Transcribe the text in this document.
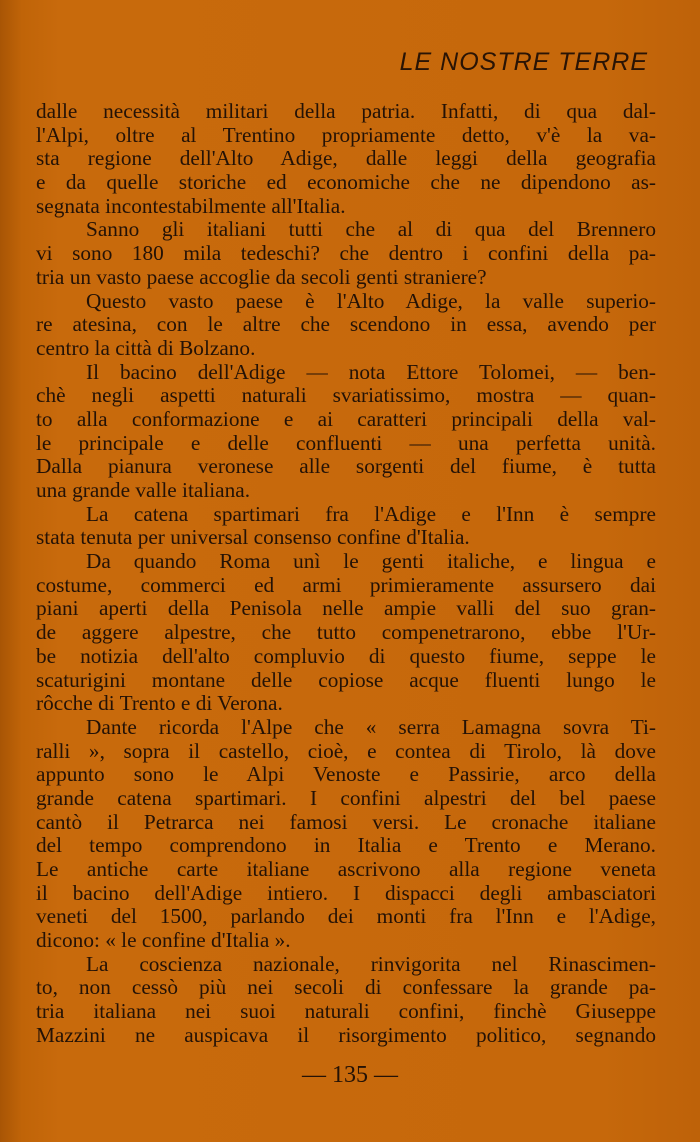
LE NOSTRE TERRE
dalle necessità militari della patria. Infatti, di qua dal-
l'Alpi, oltre al Trentino propriamente detto, v'è la va-
sta regione dell'Alto Adige, dalle leggi della geografia
e da quelle storiche ed economiche che ne dipendono as-
segnata incontestabilmente all'Italia.
Sanno gli italiani tutti che al di qua del Brennero
vi sono 180 mila tedeschi? che dentro i confini della pa-
tria un vasto paese accoglie da secoli genti straniere?
Questo vasto paese è l'Alto Adige, la valle superio-
re atesina, con le altre che scendono in essa, avendo per
centro la città di Bolzano.
Il bacino dell'Adige — nota Ettore Tolomei, — ben-
chè negli aspetti naturali svariatissimo, mostra — quan-
to alla conformazione e ai caratteri principali della val-
le principale e delle confluenti — una perfetta unità.
Dalla pianura veronese alle sorgenti del fiume, è tutta
una grande valle italiana.
La catena spartimari fra l'Adige e l'Inn è sempre
stata tenuta per universal consenso confine d'Italia.
Da quando Roma unì le genti italiche, e lingua e
costume, commerci ed armi primieramente assursero dai
piani aperti della Penisola nelle ampie valli del suo gran-
de aggere alpestre, che tutto compenetrarono, ebbe l'Ur-
be notizia dell'alto compluvio di questo fiume, seppe le
scaturigini montane delle copiose acque fluenti lungo le
rôcche di Trento e di Verona.
Dante ricorda l'Alpe che « serra Lamagna sovra Ti-
ralli », sopra il castello, cioè, e contea di Tirolo, là dove
appunto sono le Alpi Venoste e Passirie, arco della
grande catena spartimari. I confini alpestri del bel paese
cantò il Petrarca nei famosi versi. Le cronache italiane
del tempo comprendono in Italia e Trento e Merano.
Le antiche carte italiane ascrivono alla regione veneta
il bacino dell'Adige intiero. I dispacci degli ambasciatori
veneti del 1500, parlando dei monti fra l'Inn e l'Adige,
dicono: « le confine d'Italia ».
La coscienza nazionale, rinvigorita nel Rinascimen-
to, non cessò più nei secoli di confessare la grande pa-
tria italiana nei suoi naturali confini, finchè Giuseppe
Mazzini ne auspicava il risorgimento politico, segnando
— 135 —
